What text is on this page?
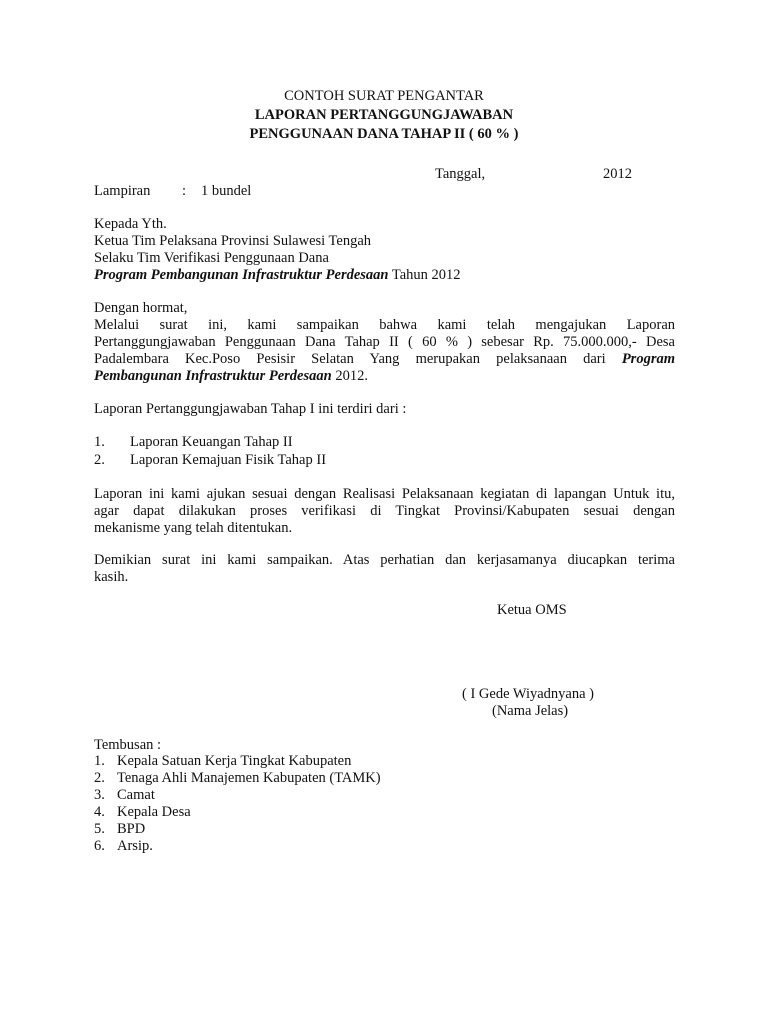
CONTOH SURAT PENGANTAR
LAPORAN PERTANGGUNGJAWABAN
PENGGUNAAN DANA TAHAP II ( 60 % )
Tanggal,	2012
Lampiran : 1 bundel
Kepada Yth.
Ketua Tim Pelaksana Provinsi Sulawesi Tengah
Selaku Tim Verifikasi Penggunaan Dana
Program Pembangunan Infrastruktur Perdesaan Tahun 2012
Dengan hormat,
Melalui surat ini, kami sampaikan bahwa kami telah mengajukan Laporan
Pertanggungjawaban Penggunaan Dana Tahap II ( 60 % ) sebesar Rp. 75.000.000,- Desa
Padalembara Kec.Poso Pesisir Selatan Yang merupakan pelaksanaan dari Program
Pembangunan Infrastruktur Perdesaan 2012.
Laporan Pertanggungjawaban Tahap I ini terdiri dari :
1. Laporan Keuangan Tahap II
2. Laporan Kemajuan Fisik Tahap II
Laporan ini kami ajukan sesuai dengan Realisasi Pelaksanaan kegiatan di lapangan Untuk itu,
agar dapat dilakukan proses verifikasi di Tingkat Provinsi/Kabupaten sesuai dengan
mekanisme yang telah ditentukan.
Demikian surat ini kami sampaikan. Atas perhatian dan kerjasamanya diucapkan terima
kasih.
Ketua OMS
( I Gede Wiyadnyana )
(Nama Jelas)
Tembusan :
1. Kepala Satuan Kerja Tingkat Kabupaten
2. Tenaga Ahli Manajemen Kabupaten (TAMK)
3. Camat
4. Kepala Desa
5. BPD
6. Arsip.
